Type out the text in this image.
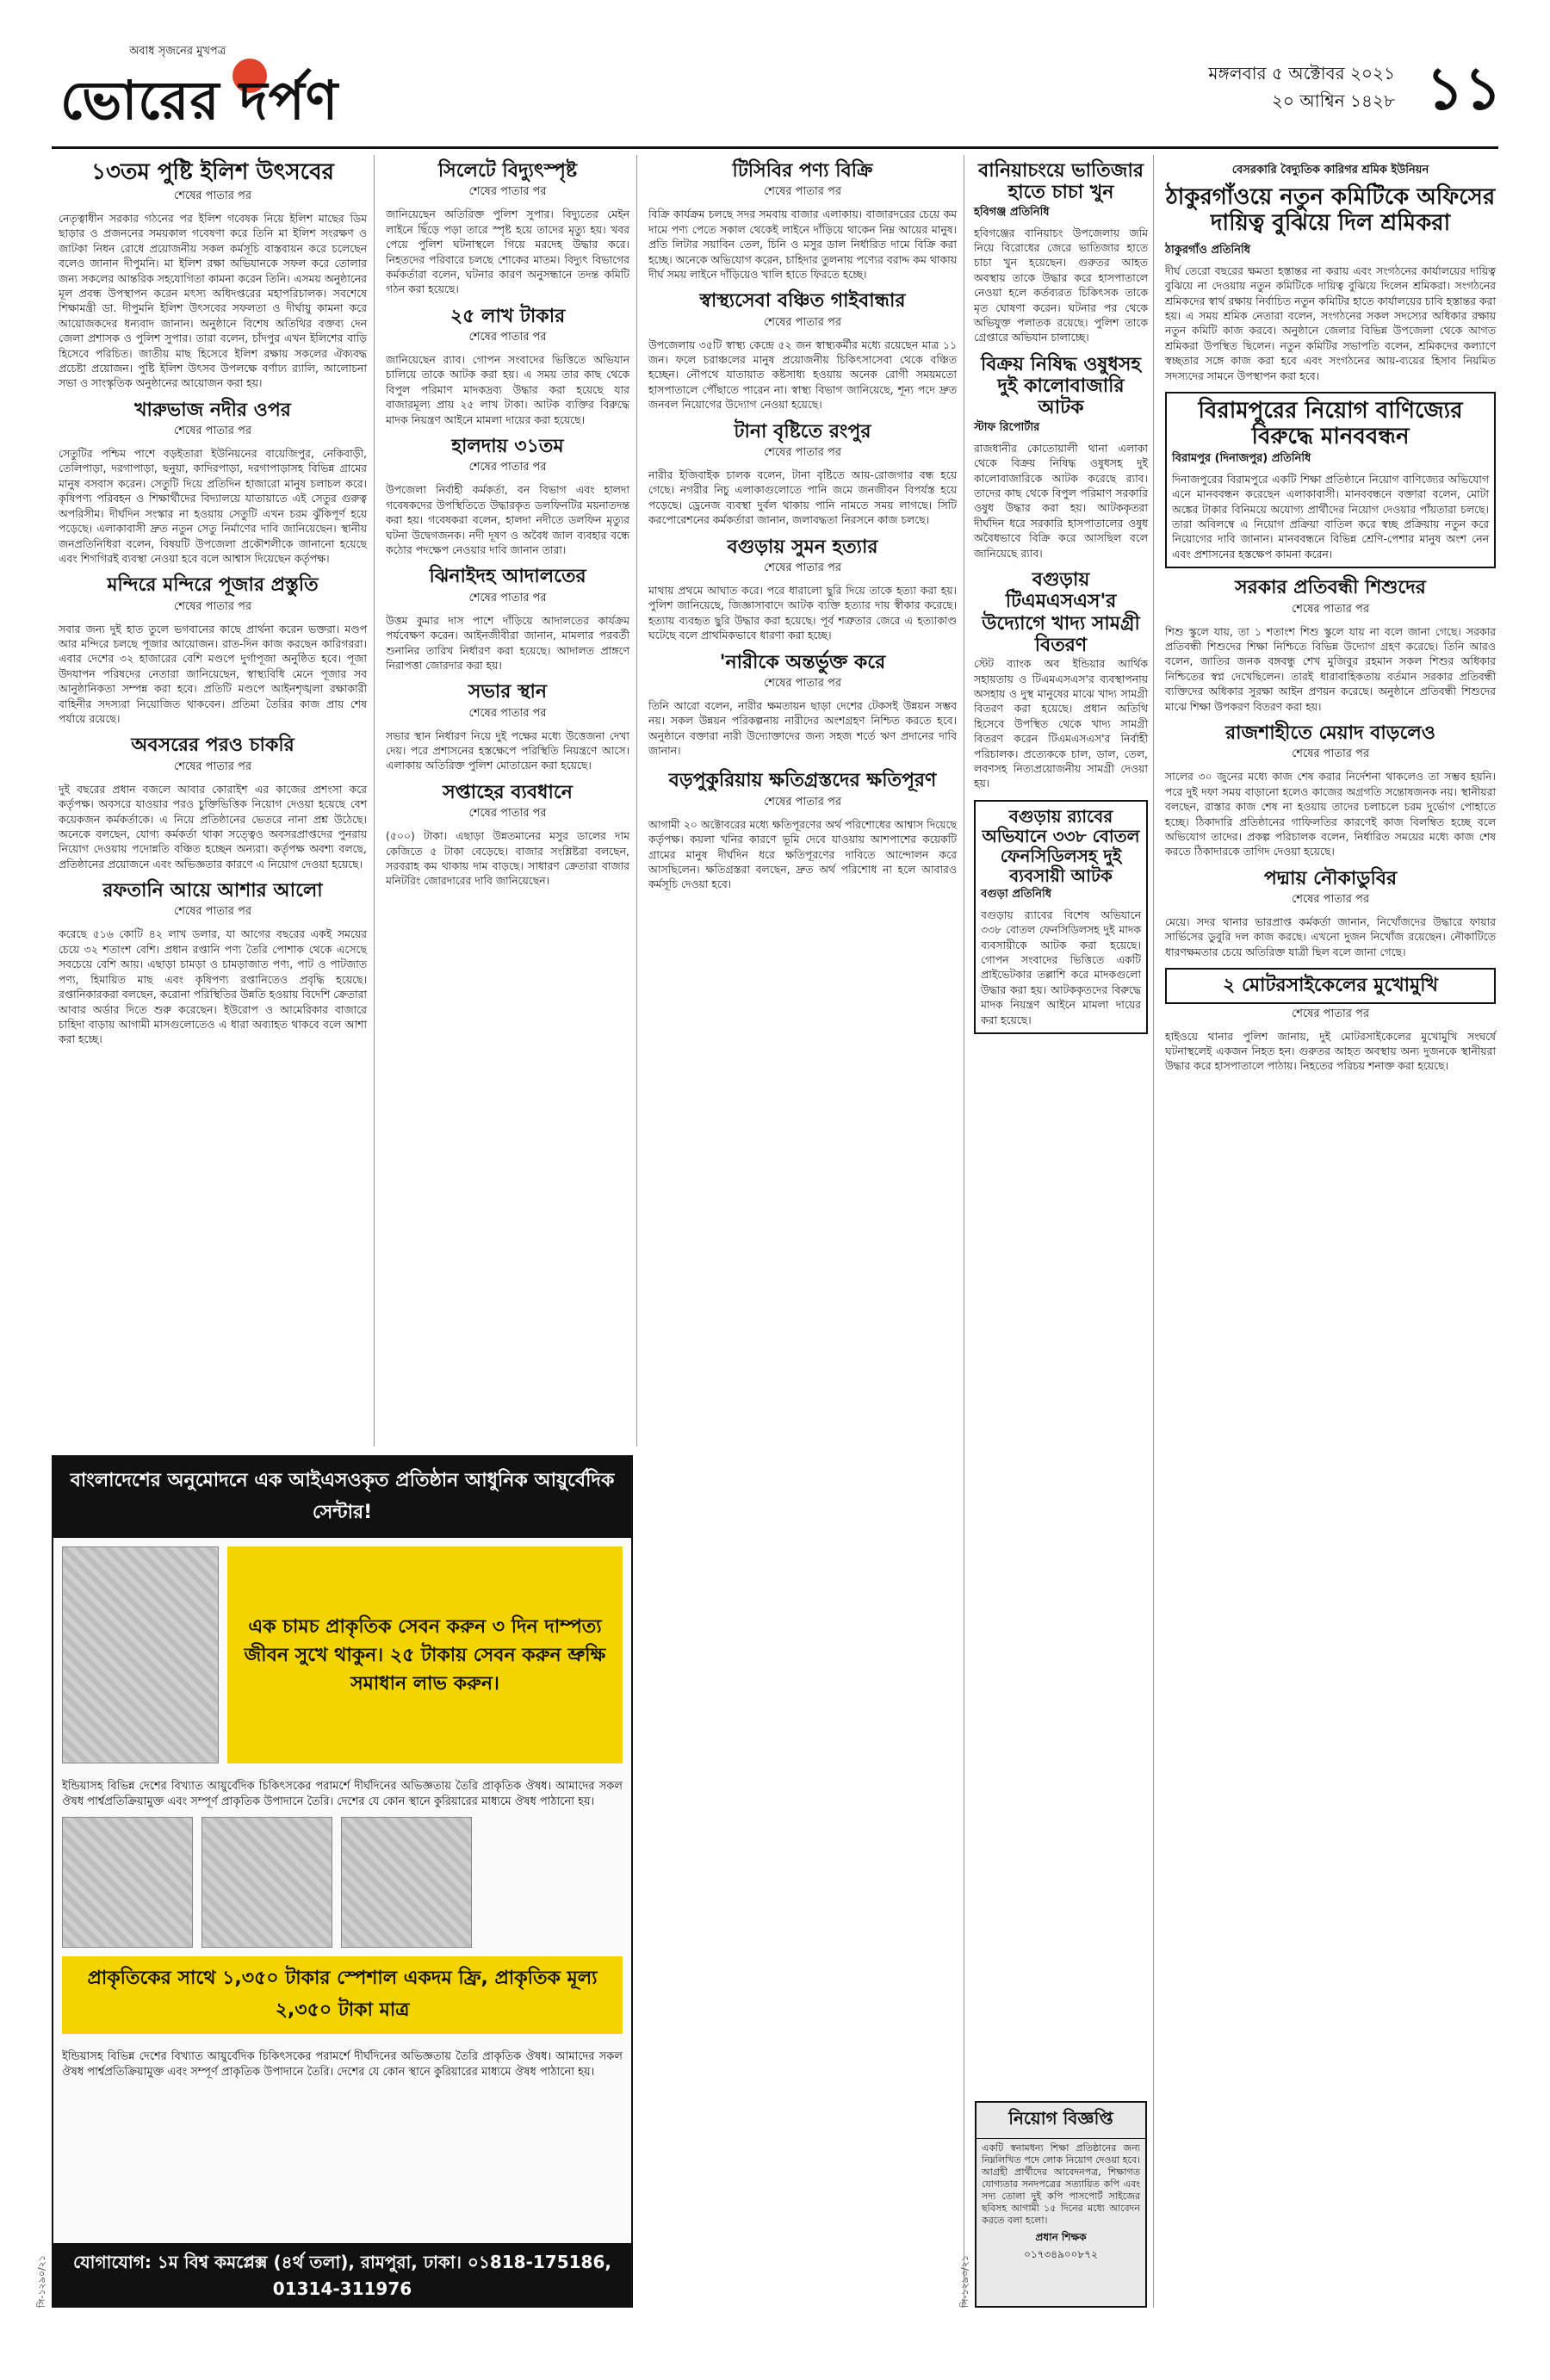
অবাধ সৃজনের মুখপত্র
ভোরের দর্পণ	মঙ্গলবার ৫ অক্টোবর ২০২১
২০ আশ্বিন ১৪২৮ ১১
১৩তম পুষ্টি ইলিশ উৎসবের
শেষের পাতার পর
নেতৃত্বাধীন সরকার গঠনের পর ইলিশ গবেষক নিয়ে ইলিশ মাছের ডিম ছাড়ার ও প্রজননের সময়কাল গবেষণা করে তিনি মা ইলিশ সংরক্ষণ ও জাটকা নিধন রোধে প্রয়োজনীয় সকল কর্মসূচি বাস্তবায়ন করে চলেছেন বলেও জানান দীপুমনি। মা ইলিশ রক্ষা অভিযানকে সফল করে তোলার জন্য সকলের আন্তরিক সহযোগিতা কামনা করেন তিনি। এসময় অনুষ্ঠানের মূল প্রবন্ধ উপস্থাপন করেন মৎস্য অধিদপ্তরের মহাপরিচালক। সবশেষে শিক্ষামন্ত্রী ডা. দীপুমনি ইলিশ উৎসবের সফলতা ও দীর্ঘায়ু কামনা করে আয়োজকদের ধন্যবাদ জানান। অনুষ্ঠানে বিশেষ অতিথির বক্তব্য দেন জেলা প্রশাসক ও পুলিশ সুপার। তারা বলেন, চাঁদপুর এখন ইলিশের বাড়ি হিসেবে পরিচিত। জাতীয় মাছ হিসেবে ইলিশ রক্ষায় সকলের ঐক্যবদ্ধ প্রচেষ্টা প্রয়োজন। পুষ্টি ইলিশ উৎসব উপলক্ষে বর্ণাঢ্য র‌্যালি, আলোচনা সভা ও সাংস্কৃতিক অনুষ্ঠানের আয়োজন করা হয়।
খারুভাজ নদীর ওপর
শেষের পাতার পর
সেতুটির পশ্চিম পাশে বড়ইতারা ইউনিয়নের বায়েজিপুর, নেকিবাড়ী, তেলিপাড়া, দরগাপাড়া, ছনুয়া, কাদিরপাড়া, দরগাপাড়াসহ বিভিন্ন গ্রামের মানুষ বসবাস করেন। সেতুটি দিয়ে প্রতিদিন হাজারো মানুষ চলাচল করে। কৃষিপণ্য পরিবহন ও শিক্ষার্থীদের বিদ্যালয়ে যাতায়াতে এই সেতুর গুরুত্ব অপরিসীম। দীর্ঘদিন সংস্কার না হওয়ায় সেতুটি এখন চরম ঝুঁকিপূর্ণ হয়ে পড়েছে। এলাকাবাসী দ্রুত নতুন সেতু নির্মাণের দাবি জানিয়েছেন। স্থানীয় জনপ্রতিনিধিরা বলেন, বিষয়টি উপজেলা প্রকৌশলীকে জানানো হয়েছে এবং শিগগিরই ব্যবস্থা নেওয়া হবে বলে আশ্বাস দিয়েছেন কর্তৃপক্ষ।
মন্দিরে মন্দিরে পূজার প্রস্তুতি
শেষের পাতার পর
সবার জন্য দুই হাত তুলে ভগবানের কাছে প্রার্থনা করেন ভক্তরা। মণ্ডপ আর মন্দিরে চলছে পূজার আয়োজন। রাত-দিন কাজ করছেন কারিগররা। এবার দেশের ৩২ হাজারের বেশি মণ্ডপে দুর্গাপূজা অনুষ্ঠিত হবে। পূজা উদযাপন পরিষদের নেতারা জানিয়েছেন, স্বাস্থ্যবিধি মেনে পূজার সব আনুষ্ঠানিকতা সম্পন্ন করা হবে। প্রতিটি মণ্ডপে আইনশৃঙ্খলা রক্ষাকারী বাহিনীর সদস্যরা নিয়োজিত থাকবেন। প্রতিমা তৈরির কাজ প্রায় শেষ পর্যায়ে রয়েছে।
অবসরের পরও চাকরি
শেষের পাতার পর
দুই বছরের প্রধান বজলে আবার কোরাইশ এর কাজের প্রশংসা করে কর্তৃপক্ষ। অবসরে যাওয়ার পরও চুক্তিভিত্তিক নিয়োগ দেওয়া হয়েছে বেশ কয়েকজন কর্মকর্তাকে। এ নিয়ে প্রতিষ্ঠানের ভেতরে নানা প্রশ্ন উঠেছে। অনেকে বলছেন, যোগ্য কর্মকর্তা থাকা সত্ত্বেও অবসরপ্রাপ্তদের পুনরায় নিয়োগ দেওয়ায় পদোন্নতি বঞ্চিত হচ্ছেন অন্যরা। কর্তৃপক্ষ অবশ্য বলছে, প্রতিষ্ঠানের প্রয়োজনে এবং অভিজ্ঞতার কারণে এ নিয়োগ দেওয়া হয়েছে।
রফতানি আয়ে আশার আলো
শেষের পাতার পর
করেছে ৫১৬ কোটি ৪২ লাখ ডলার, যা আগের বছরের একই সময়ের চেয়ে ৩২ শতাংশ বেশি। প্রধান রপ্তানি পণ্য তৈরি পোশাক থেকে এসেছে সবচেয়ে বেশি আয়। এছাড়া চামড়া ও চামড়াজাত পণ্য, পাট ও পাটজাত পণ্য, হিমায়িত মাছ এবং কৃষিপণ্য রপ্তানিতেও প্রবৃদ্ধি হয়েছে। রপ্তানিকারকরা বলছেন, করোনা পরিস্থিতির উন্নতি হওয়ায় বিদেশি ক্রেতারা আবার অর্ডার দিতে শুরু করেছেন। ইউরোপ ও আমেরিকার বাজারে চাহিদা বাড়ায় আগামী মাসগুলোতেও এ ধারা অব্যাহত থাকবে বলে আশা করা হচ্ছে।
সিলেটে বিদ্যুৎস্পৃষ্ট
শেষের পাতার পর
জানিয়েছেন অতিরিক্ত পুলিশ সুপার। বিদ্যুতের মেইন লাইনে ছিঁড়ে পড়া তারে স্পৃষ্ট হয়ে তাদের মৃত্যু হয়। খবর পেয়ে পুলিশ ঘটনাস্থলে গিয়ে মরদেহ উদ্ধার করে। নিহতদের পরিবারে চলছে শোকের মাতম। বিদ্যুৎ বিভাগের কর্মকর্তারা বলেন, ঘটনার কারণ অনুসন্ধানে তদন্ত কমিটি গঠন করা হয়েছে।
২৫ লাখ টাকার
শেষের পাতার পর
জানিয়েছেন র‌্যাব। গোপন সংবাদের ভিত্তিতে অভিযান চালিয়ে তাকে আটক করা হয়। এ সময় তার কাছ থেকে বিপুল পরিমাণ মাদকদ্রব্য উদ্ধার করা হয়েছে যার বাজারমূল্য প্রায় ২৫ লাখ টাকা। আটক ব্যক্তির বিরুদ্ধে মাদক নিয়ন্ত্রণ আইনে মামলা দায়ের করা হয়েছে।
হালদায় ৩১তম
শেষের পাতার পর
উপজেলা নির্বাহী কর্মকর্তা, বন বিভাগ এবং হালদা গবেষকদের উপস্থিতিতে উদ্ধারকৃত ডলফিনটির ময়নাতদন্ত করা হয়। গবেষকরা বলেন, হালদা নদীতে ডলফিন মৃত্যুর ঘটনা উদ্বেগজনক। নদী দূষণ ও অবৈধ জাল ব্যবহার বন্ধে কঠোর পদক্ষেপ নেওয়ার দাবি জানান তারা।
ঝিনাইদহ আদালতের
শেষের পাতার পর
উত্তম কুমার দাস পাশে দাঁড়িয়ে আদালতের কার্যক্রম পর্যবেক্ষণ করেন। আইনজীবীরা জানান, মামলার পরবর্তী শুনানির তারিখ নির্ধারণ করা হয়েছে। আদালত প্রাঙ্গণে নিরাপত্তা জোরদার করা হয়।
সভার স্থান
শেষের পাতার পর
সভার স্থান নির্ধারণ নিয়ে দুই পক্ষের মধ্যে উত্তেজনা দেখা দেয়। পরে প্রশাসনের হস্তক্ষেপে পরিস্থিতি নিয়ন্ত্রণে আসে। এলাকায় অতিরিক্ত পুলিশ মোতায়েন করা হয়েছে।
সপ্তাহের ব্যবধানে
শেষের পাতার পর
(৫০০) টাকা। এছাড়া উন্নতমানের মসুর ডালের দাম কেজিতে ৫ টাকা বেড়েছে। বাজার সংশ্লিষ্টরা বলছেন, সরবরাহ কম থাকায় দাম বাড়ছে। সাধারণ ক্রেতারা বাজার মনিটরিং জোরদারের দাবি জানিয়েছেন।
টিসিবির পণ্য বিক্রি
শেষের পাতার পর
বিক্রি কার্যক্রম চলছে সদর সমবায় বাজার এলাকায়। বাজারদরের চেয়ে কম দামে পণ্য পেতে সকাল থেকেই লাইনে দাঁড়িয়ে থাকেন নিম্ন আয়ের মানুষ। প্রতি লিটার সয়াবিন তেল, চিনি ও মসুর ডাল নির্ধারিত দামে বিক্রি করা হচ্ছে। অনেকে অভিযোগ করেন, চাহিদার তুলনায় পণ্যের বরাদ্দ কম থাকায় দীর্ঘ সময় লাইনে দাঁড়িয়েও খালি হাতে ফিরতে হচ্ছে।
স্বাস্থ্যসেবা বঞ্চিত গাইবান্ধার
শেষের পাতার পর
উপজেলায় ৩৫টি স্বাস্থ্য কেন্দ্রে ৫২ জন স্বাস্থ্যকর্মীর মধ্যে রয়েছেন মাত্র ১১ জন। ফলে চরাঞ্চলের মানুষ প্রয়োজনীয় চিকিৎসাসেবা থেকে বঞ্চিত হচ্ছেন। নৌপথে যাতায়াত কষ্টসাধ্য হওয়ায় অনেক রোগী সময়মতো হাসপাতালে পৌঁছাতে পারেন না। স্বাস্থ্য বিভাগ জানিয়েছে, শূন্য পদে দ্রুত জনবল নিয়োগের উদ্যোগ নেওয়া হয়েছে।
টানা বৃষ্টিতে রংপুর
শেষের পাতার পর
নারীর ইজিবাইক চালক বলেন, টানা বৃষ্টিতে আয়-রোজগার বন্ধ হয়ে গেছে। নগরীর নিচু এলাকাগুলোতে পানি জমে জনজীবন বিপর্যস্ত হয়ে পড়েছে। ড্রেনেজ ব্যবস্থা দুর্বল থাকায় পানি নামতে সময় লাগছে। সিটি করপোরেশনের কর্মকর্তারা জানান, জলাবদ্ধতা নিরসনে কাজ চলছে।
বগুড়ায় সুমন হত্যার
শেষের পাতার পর
মাথায় প্রথমে আঘাত করে। পরে ধারালো ছুরি দিয়ে তাকে হত্যা করা হয়। পুলিশ জানিয়েছে, জিজ্ঞাসাবাদে আটক ব্যক্তি হত্যার দায় স্বীকার করেছে। হত্যায় ব্যবহৃত ছুরি উদ্ধার করা হয়েছে। পূর্ব শত্রুতার জেরে এ হত্যাকাণ্ড ঘটেছে বলে প্রাথমিকভাবে ধারণা করা হচ্ছে।
'নারীকে অন্তর্ভুক্ত করে
শেষের পাতার পর
তিনি আরো বলেন, নারীর ক্ষমতায়ন ছাড়া দেশের টেকসই উন্নয়ন সম্ভব নয়। সকল উন্নয়ন পরিকল্পনায় নারীদের অংশগ্রহণ নিশ্চিত করতে হবে। অনুষ্ঠানে বক্তারা নারী উদ্যোক্তাদের জন্য সহজ শর্তে ঋণ প্রদানের দাবি জানান।
বড়পুকুরিয়ায় ক্ষতিগ্রস্তদের ক্ষতিপূরণ
শেষের পাতার পর
আগামী ২০ অক্টোবরের মধ্যে ক্ষতিপূরণের অর্থ পরিশোধের আশ্বাস দিয়েছে কর্তৃপক্ষ। কয়লা খনির কারণে ভূমি দেবে যাওয়ায় আশপাশের কয়েকটি গ্রামের মানুষ দীর্ঘদিন ধরে ক্ষতিপূরণের দাবিতে আন্দোলন করে আসছিলেন। ক্ষতিগ্রস্তরা বলছেন, দ্রুত অর্থ পরিশোধ না হলে আবারও কর্মসূচি দেওয়া হবে।
বানিয়াচংয়ে ভাতিজার হাতে চাচা খুন
হবিগঞ্জ প্রতিনিধি
হবিগঞ্জের বানিয়াচং উপজেলায় জমি নিয়ে বিরোধের জেরে ভাতিজার হাতে চাচা খুন হয়েছেন। গুরুতর আহত অবস্থায় তাকে উদ্ধার করে হাসপাতালে নেওয়া হলে কর্তব্যরত চিকিৎসক তাকে মৃত ঘোষণা করেন। ঘটনার পর থেকে অভিযুক্ত পলাতক রয়েছে। পুলিশ তাকে গ্রেপ্তারে অভিযান চালাচ্ছে।
বিক্রয় নিষিদ্ধ ওষুধসহ দুই কালোবাজারি আটক
স্টাফ রিপোর্টার
রাজধানীর কোতোয়ালী থানা এলাকা থেকে বিক্রয় নিষিদ্ধ ওষুধসহ দুই কালোবাজারিকে আটক করেছে র‌্যাব। তাদের কাছ থেকে বিপুল পরিমাণ সরকারি ওষুধ উদ্ধার করা হয়। আটককৃতরা দীর্ঘদিন ধরে সরকারি হাসপাতালের ওষুধ অবৈধভাবে বিক্রি করে আসছিল বলে জানিয়েছে র‌্যাব।
বগুড়ায় টিএমএসএস'র উদ্যোগে খাদ্য সামগ্রী বিতরণ
স্টেট ব্যাংক অব ইন্ডিয়ার আর্থিক সহায়তায় ও টিএমএসএস'র ব্যবস্থাপনায় অসহায় ও দুস্থ মানুষের মাঝে খাদ্য সামগ্রী বিতরণ করা হয়েছে। প্রধান অতিথি হিসেবে উপস্থিত থেকে খাদ্য সামগ্রী বিতরণ করেন টিএমএসএস'র নির্বাহী পরিচালক। প্রত্যেককে চাল, ডাল, তেল, লবণসহ নিত্যপ্রয়োজনীয় সামগ্রী দেওয়া হয়।
বগুড়ায় র‌্যাবের অভিযানে ৩৩৮ বোতল ফেনসিডিলসহ দুই ব্যবসায়ী আটক
বগুড়া প্রতিনিধি
বগুড়ায় র‌্যাবের বিশেষ অভিযানে ৩৩৮ বোতল ফেনসিডিলসহ দুই মাদক ব্যবসায়ীকে আটক করা হয়েছে। গোপন সংবাদের ভিত্তিতে একটি প্রাইভেটকার তল্লাশি করে মাদকগুলো উদ্ধার করা হয়। আটককৃতদের বিরুদ্ধে মাদক নিয়ন্ত্রণ আইনে মামলা দায়ের করা হয়েছে।
বেসরকারি বৈদ্যুতিক কারিগর শ্রমিক ইউনিয়ন
ঠাকুরগাঁওয়ে নতুন কমিটিকে অফিসের দায়িত্ব বুঝিয়ে দিল শ্রমিকরা
ঠাকুরগাঁও প্রতিনিধি
দীর্ঘ তেরো বছরের ক্ষমতা হস্তান্তর না করায় এবং সংগঠনের কার্যালয়ের দায়িত্ব বুঝিয়ে না দেওয়ায় নতুন কমিটিকে দায়িত্ব বুঝিয়ে দিলেন শ্রমিকরা। সংগঠনের শ্রমিকদের স্বার্থ রক্ষায় নির্বাচিত নতুন কমিটির হাতে কার্যালয়ের চাবি হস্তান্তর করা হয়। এ সময় শ্রমিক নেতারা বলেন, সংগঠনের সকল সদস্যের অধিকার রক্ষায় নতুন কমিটি কাজ করবে। অনুষ্ঠানে জেলার বিভিন্ন উপজেলা থেকে আগত শ্রমিকরা উপস্থিত ছিলেন। নতুন কমিটির সভাপতি বলেন, শ্রমিকদের কল্যাণে স্বচ্ছতার সঙ্গে কাজ করা হবে এবং সংগঠনের আয়-ব্যয়ের হিসাব নিয়মিত সদস্যদের সামনে উপস্থাপন করা হবে।
বিরামপুরের নিয়োগ বাণিজ্যের বিরুদ্ধে মানববন্ধন
বিরামপুর (দিনাজপুর) প্রতিনিধি
দিনাজপুরের বিরামপুরে একটি শিক্ষা প্রতিষ্ঠানে নিয়োগ বাণিজ্যের অভিযোগ এনে মানববন্ধন করেছেন এলাকাবাসী। মানববন্ধনে বক্তারা বলেন, মোটা অঙ্কের টাকার বিনিময়ে অযোগ্য প্রার্থীদের নিয়োগ দেওয়ার পাঁয়তারা চলছে। তারা অবিলম্বে এ নিয়োগ প্রক্রিয়া বাতিল করে স্বচ্ছ প্রক্রিয়ায় নতুন করে নিয়োগের দাবি জানান। মানববন্ধনে বিভিন্ন শ্রেণি-পেশার মানুষ অংশ নেন এবং প্রশাসনের হস্তক্ষেপ কামনা করেন।
সরকার প্রতিবন্ধী শিশুদের
শেষের পাতার পর
শিশু স্কুলে যায়, তা ১ শতাংশ শিশু স্কুলে যায় না বলে জানা গেছে। সরকার প্রতিবন্ধী শিশুদের শিক্ষা নিশ্চিতে বিভিন্ন উদ্যোগ গ্রহণ করেছে। তিনি আরও বলেন, জাতির জনক বঙ্গবন্ধু শেখ মুজিবুর রহমান সকল শিশুর অধিকার নিশ্চিতের স্বপ্ন দেখেছিলেন। তারই ধারাবাহিকতায় বর্তমান সরকার প্রতিবন্ধী ব্যক্তিদের অধিকার সুরক্ষা আইন প্রণয়ন করেছে। অনুষ্ঠানে প্রতিবন্ধী শিশুদের মাঝে শিক্ষা উপকরণ বিতরণ করা হয়।
রাজশাহীতে মেয়াদ বাড়লেও
শেষের পাতার পর
সালের ৩০ জুনের মধ্যে কাজ শেষ করার নির্দেশনা থাকলেও তা সম্ভব হয়নি। পরে দুই দফা সময় বাড়ানো হলেও কাজের অগ্রগতি সন্তোষজনক নয়। স্থানীয়রা বলছেন, রাস্তার কাজ শেষ না হওয়ায় তাদের চলাচলে চরম দুর্ভোগ পোহাতে হচ্ছে। ঠিকাদারি প্রতিষ্ঠানের গাফিলতির কারণেই কাজ বিলম্বিত হচ্ছে বলে অভিযোগ তাদের। প্রকল্প পরিচালক বলেন, নির্ধারিত সময়ের মধ্যে কাজ শেষ করতে ঠিকাদারকে তাগিদ দেওয়া হয়েছে।
পদ্মায় নৌকাডুবির
শেষের পাতার পর
মেয়ে। সদর থানার ভারপ্রাপ্ত কর্মকর্তা জানান, নিখোঁজদের উদ্ধারে ফায়ার সার্ভিসের ডুবুরি দল কাজ করছে। এখনো দুজন নিখোঁজ রয়েছেন। নৌকাটিতে ধারণক্ষমতার চেয়ে অতিরিক্ত যাত্রী ছিল বলে জানা গেছে।
২ মোটরসাইকেলের মুখোমুখি
শেষের পাতার পর
হাইওয়ে থানার পুলিশ জানায়, দুই মোটরসাইকেলের মুখোমুখি সংঘর্ষে ঘটনাস্থলেই একজন নিহত হন। গুরুতর আহত অবস্থায় অন্য দুজনকে স্থানীয়রা উদ্ধার করে হাসপাতালে পাঠায়। নিহতের পরিচয় শনাক্ত করা হয়েছে।
বাংলাদেশের অনুমোদনে এক আইএসওকৃত প্রতিষ্ঠান আধুনিক আয়ুর্বেদিক সেন্টার!
এক চামচ প্রাকৃতিক সেবন করুন ৩ দিন দাম্পত্য জীবন সুখে থাকুন। ২৫ টাকায় সেবন করুন ভ্রুক্ষি সমাধান লাভ করুন।
ইন্ডিয়াসহ বিভিন্ন দেশের বিখ্যাত আয়ুর্বেদিক চিকিৎসকের পরামর্শে দীর্ঘদিনের অভিজ্ঞতায় তৈরি প্রাকৃতিক ঔষধ। আমাদের সকল ঔষধ পার্শ্বপ্রতিক্রিয়ামুক্ত এবং সম্পূর্ণ প্রাকৃতিক উপাদানে তৈরি। দেশের যে কোন স্থানে কুরিয়ারের মাধ্যমে ঔষধ পাঠানো হয়।
প্রাকৃতিকের সাথে ১,৩৫০ টাকার স্পেশাল একদম ফ্রি, প্রাকৃতিক মূল্য ২,৩৫০ টাকা মাত্র
ইন্ডিয়াসহ বিভিন্ন দেশের বিখ্যাত আয়ুর্বেদিক চিকিৎসকের পরামর্শে দীর্ঘদিনের অভিজ্ঞতায় তৈরি প্রাকৃতিক ঔষধ। আমাদের সকল ঔষধ পার্শ্বপ্রতিক্রিয়ামুক্ত এবং সম্পূর্ণ প্রাকৃতিক উপাদানে তৈরি। দেশের যে কোন স্থানে কুরিয়ারের মাধ্যমে ঔষধ পাঠানো হয়।
যোগাযোগ: ১ম বিশ্ব কমপ্লেক্স (৪র্থ তলা), রামপুরা, ঢাকা। ০১818-175186, 01314-311976
নিয়োগ বিজ্ঞপ্তি
একটি স্বনামধন্য শিক্ষা প্রতিষ্ঠানের জন্য নিম্নলিখিত পদে লোক নিয়োগ দেওয়া হবে। আগ্রহী প্রার্থীদের আবেদনপত্র, শিক্ষাগত যোগ্যতার সনদপত্রের সত্যায়িত কপি এবং সদ্য তোলা দুই কপি পাসপোর্ট সাইজের ছবিসহ আগামী ১৫ দিনের মধ্যে আবেদন করতে বলা হলো।
প্রধান শিক্ষক
০১৭৩৪৯০০৮৭২
সি-১২৯০/২১	সি-১২৯৩/২১
